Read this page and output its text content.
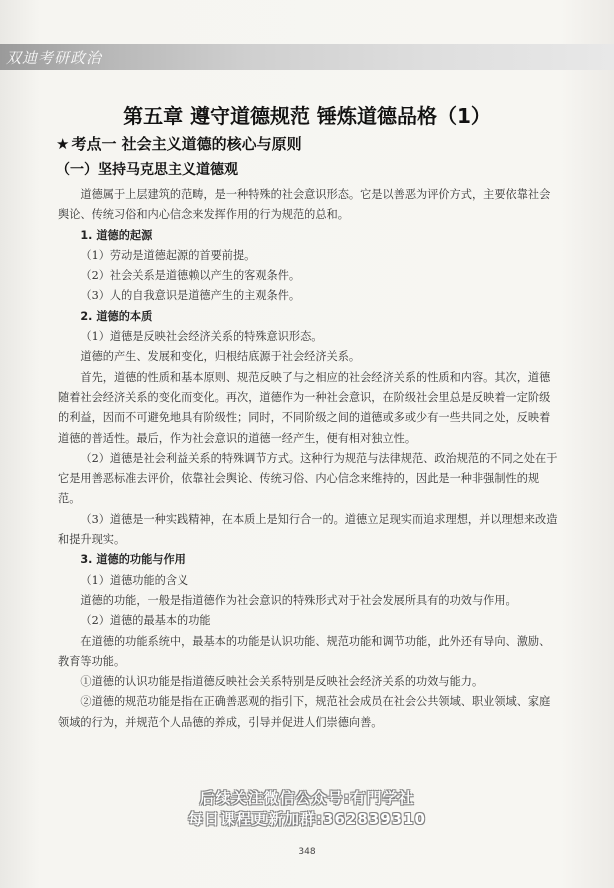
双迪考研政治
第五章 遵守道德规范 锤炼道德品格（1）
★ 考点一 社会主义道德的核心与原则
（一）坚持马克思主义道德观

道德属于上层建筑的范畴，是一种特殊的社会意识形态。它是以善恶为评价方式，主要依靠社会舆论、传统习俗和内心信念来发挥作用的行为规范的总和。

1. 道德的起源

（1）劳动是道德起源的首要前提。

（2）社会关系是道德赖以产生的客观条件。

（3）人的自我意识是道德产生的主观条件。

2. 道德的本质

（1）道德是反映社会经济关系的特殊意识形态。

道德的产生、发展和变化，归根结底源于社会经济关系。

首先，道德的性质和基本原则、规范反映了与之相应的社会经济关系的性质和内容。其次，道德随着社会经济关系的变化而变化。再次，道德作为一种社会意识，在阶级社会里总是反映着一定阶级的利益，因而不可避免地具有阶级性；同时，不同阶级之间的道德或多或少有一些共同之处，反映着道德的普适性。最后，作为社会意识的道德一经产生，便有相对独立性。

（2）道德是社会利益关系的特殊调节方式。这种行为规范与法律规范、政治规范的不同之处在于它是用善恶标准去评价，依靠社会舆论、传统习俗、内心信念来维持的，因此是一种非强制性的规范。

（3）道德是一种实践精神，在本质上是知行合一的。道德立足现实而追求理想，并以理想来改造和提升现实。

3. 道德的功能与作用

（1）道德功能的含义

道德的功能，一般是指道德作为社会意识的特殊形式对于社会发展所具有的功效与作用。

（2）道德的最基本的功能

在道德的功能系统中，最基本的功能是认识功能、规范功能和调节功能，此外还有导向、激励、教育等功能。

①道德的认识功能是指道德反映社会关系特别是反映社会经济关系的功效与能力。

②道德的规范功能是指在正确善恶观的指引下，规范社会成员在社会公共领域、职业领域、家庭领域的行为，并规范个人品德的养成，引导并促进人们崇德向善。

后续关注微信公众号:有門学社
每日课程更新加群:362839310
348
